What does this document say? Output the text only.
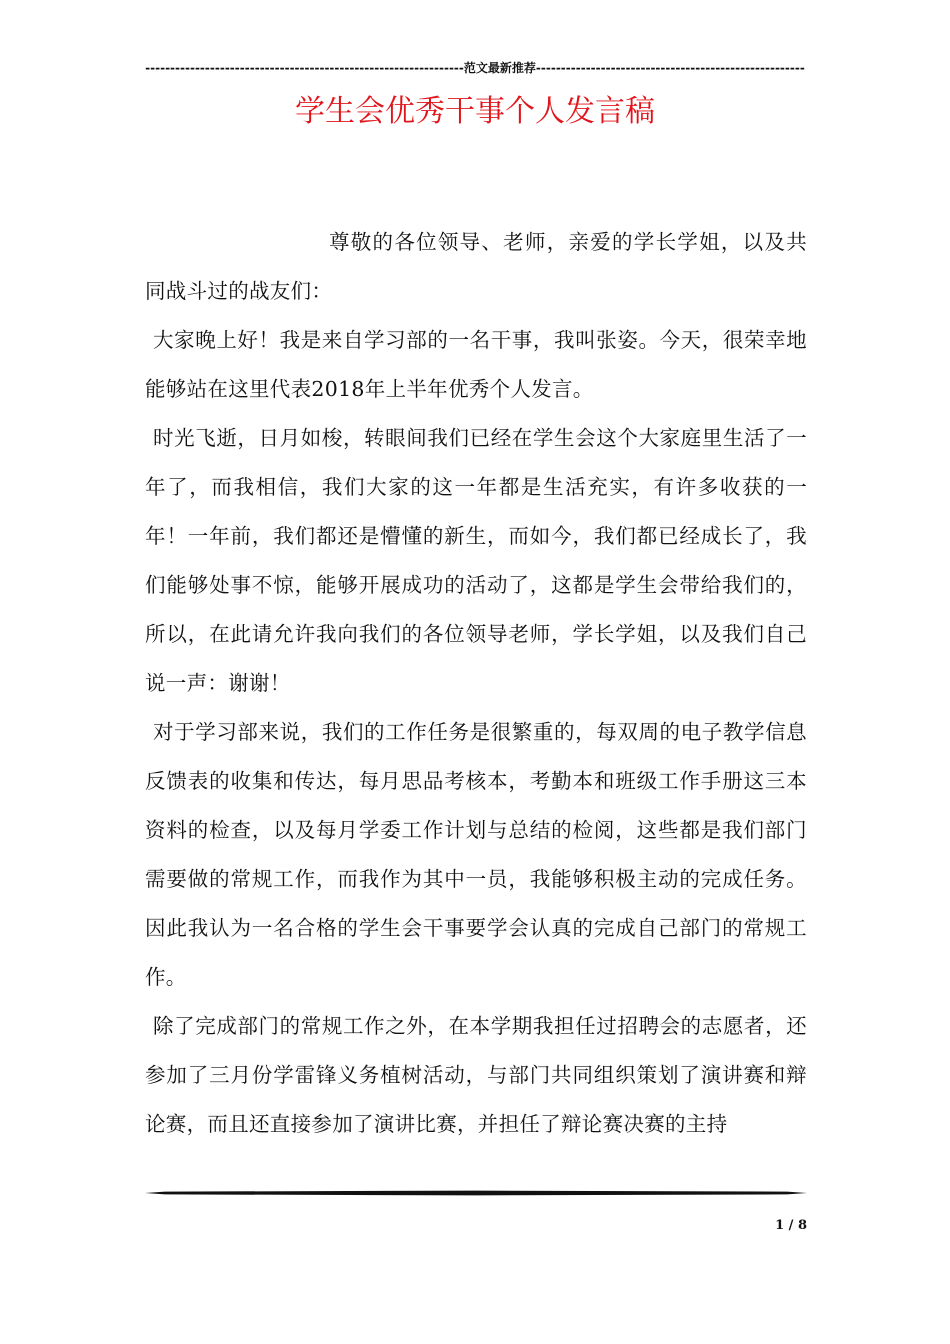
----------------------------------------------------------------范文最新推荐------------------------------------------------------
学生会优秀干事个人发言稿

尊敬的各位领导、老师，亲爱的学长学姐，以及共同战斗过的战友们：

大家晚上好！我是来自学习部的一名干事，我叫张姿。今天，很荣幸地能够站在这里代表2018年上半年优秀个人发言。

时光飞逝，日月如梭，转眼间我们已经在学生会这个大家庭里生活了一年了，而我相信，我们大家的这一年都是生活充实，有许多收获的一年！一年前，我们都还是懵懂的新生，而如今，我们都已经成长了，我们能够处事不惊，能够开展成功的活动了，这都是学生会带给我们的，所以，在此请允许我向我们的各位领导老师，学长学姐，以及我们自己说一声：谢谢！

对于学习部来说，我们的工作任务是很繁重的，每双周的电子教学信息反馈表的收集和传达，每月思品考核本，考勤本和班级工作手册这三本资料的检查，以及每月学委工作计划与总结的检阅，这些都是我们部门需要做的常规工作，而我作为其中一员，我能够积极主动的完成任务。因此我认为一名合格的学生会干事要学会认真的完成自己部门的常规工作。

除了完成部门的常规工作之外，在本学期我担任过招聘会的志愿者，还参加了三月份学雷锋义务植树活动，与部门共同组织策划了演讲赛和辩论赛，而且还直接参加了演讲比赛，并担任了辩论赛决赛的主持

1 / 8
